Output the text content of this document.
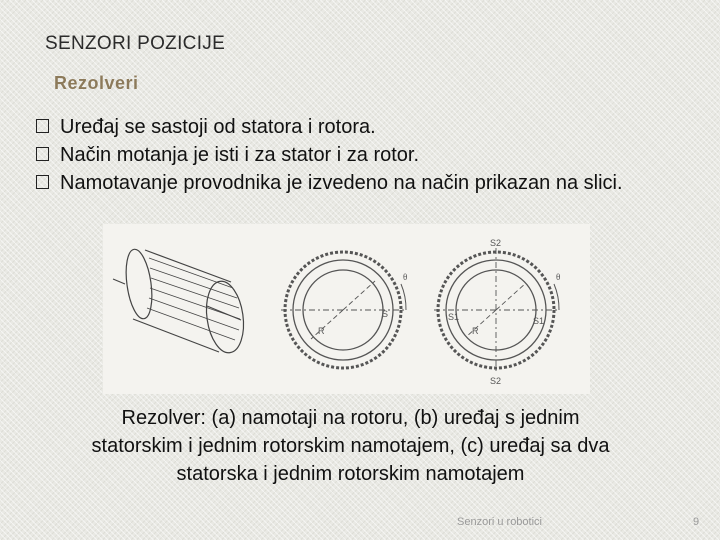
SENZORI POZICIJE
Rezolveri
Uređaj se sastoji od statora i rotora.
Način motanja je isti i za stator i za rotor.
Namotavanje provodnika je izvedeno na način prikazan na slici.
S
R
θ
S2
S2
S1	S1
R
θ
Rezolver: (a) namotaji na rotoru, (b) uređaj s jednim statorskim i jednim rotorskim namotajem, (c) uređaj sa dva statorska i jednim rotorskim namotajem
Senzori u robotici	9
